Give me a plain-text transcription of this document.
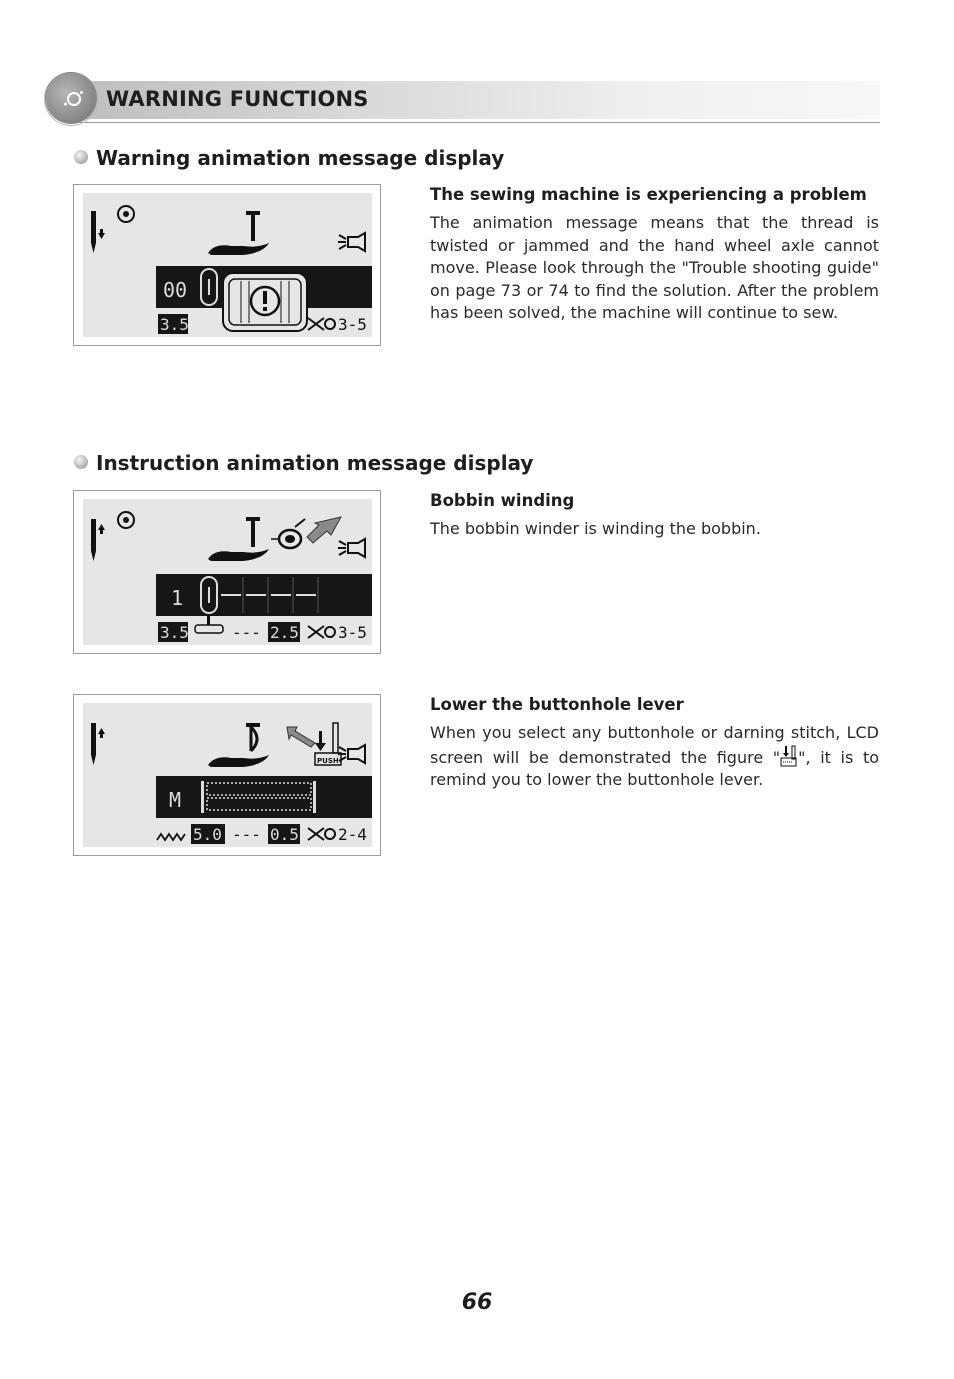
WARNING FUNCTIONS
Warning animation message display
00
3.5	3-5
The sewing machine is experiencing a problem

The animation message means that the thread is twisted or jammed and the hand wheel axle cannot move. Please look through the "Trouble shooting guide" on page 73 or 74 to find the solution. After the problem has been solved, the machine will continue to sew.

Instruction animation message display
1
3.5	--- 2.5 3-5
Bobbin winding

The bobbin winder is winding the bobbin.

PUSH
M
5.0 --- 0.5 2-4
Lower the buttonhole lever

When you select any buttonhole or darning stitch, LCD screen will be demonstrated the figure " ", it is to remind you to lower the buttonhole lever.

66
